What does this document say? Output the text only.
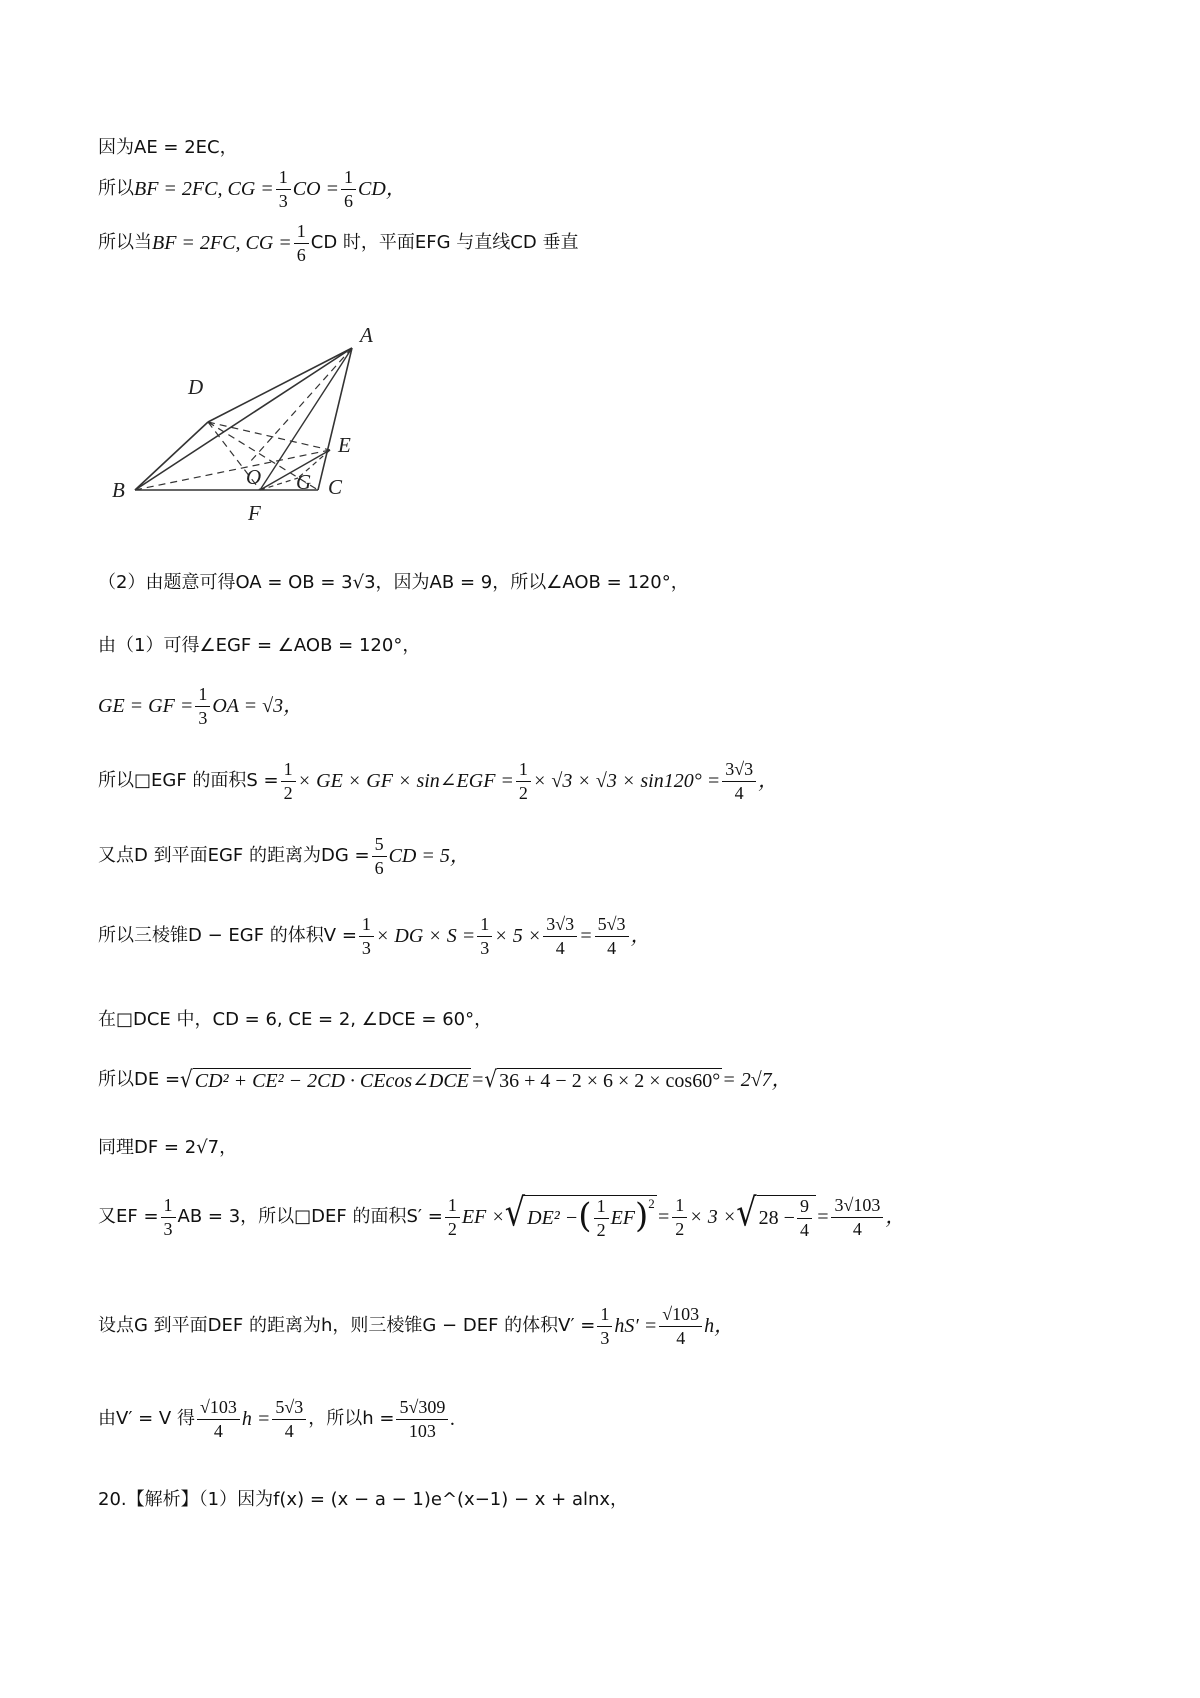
因为AE = 2EC，
所以 BF = 2FC, CG = $\frac{1}{3}$ CO = $\frac{1}{6}$ CD，
所以当 BF = 2FC, CG = $\frac{1}{6}$ CD 时，平面EFG 与直线CD 垂直
A
B	C
D
E
F
G
O
（2）由题意可得OA = OB = 3√3，因为AB = 9，所以∠AOB = 120°，
由（1）可得∠EGF = ∠AOB = 120°，
GE = GF = $\frac{1}{3}$ OA = √3，
所以□EGF 的面积$S = \frac{1}{2}$ × GE × GF × sin∠EGF = $\frac{1}{2} \times √3 \times √3 \times \sin 120^\circ = \frac{3√3}{4}$ ，
又点D 到平面EGF 的距离为DG = $\frac{5}{6}$ CD = 5，
所以三棱锥D − EGF 的体积$V = \frac{1}{3}$ × DG × $S = \frac{1}{3} \times 5 \times \frac{3√3}{4} = \frac{5√3}{4}$ ，
在□DCE 中，CD = 6, CE = 2, ∠DCE = 60°，
所以DE = √ CD² + CE² − 2CD · CEcos∠DCE = √ 36 + 4 − 2 × 6 × 2 × cos60° = 2√7，
同理DF = 2√7，
又EF = $\frac{1}{3}$ AB = 3，所以□DEF 的面积$S' = \frac{1}{2}$ EF × √ DE² − ( $\frac{1}{2}$ EF )$^2$
= $\frac{1}{2} \times 3$ × √ $28 - \frac{9}{4} = \frac{3√103}{4}$ ，
设点G 到平面DEF 的距离为h，则三棱锥G − DEF 的体积$V' = \frac{1}{3} hS' = \frac{√103}{4}$ h，
由V′ = V 得 $\frac{√103}{4}$ $h = \frac{5√3}{4}$ ，所以$h = \frac{5√309}{103}$ .
20.【解析】（1）因为f(x) = (x − a − 1)e^(x−1) − x + alnx，
